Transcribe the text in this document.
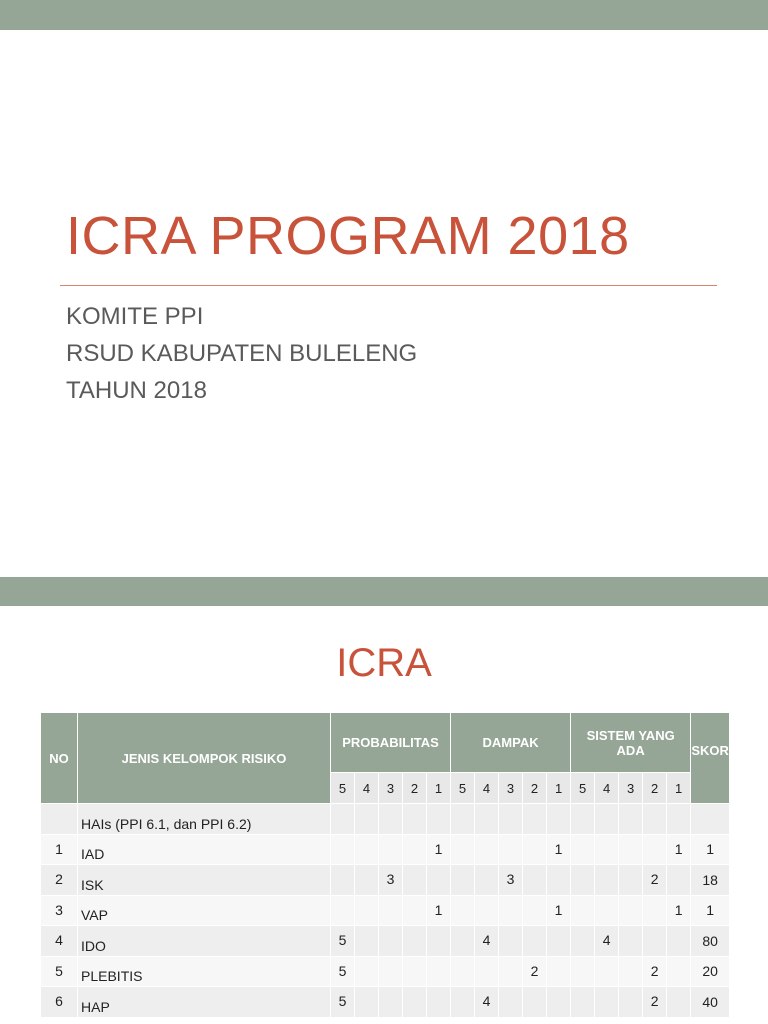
ICRA PROGRAM 2018
KOMITE PPI
RSUD KABUPATEN BULELENG
TAHUN 2018
ICRA
NO	JENIS KELOMPOK RISIKO	PROBABILITAS					DAMPAK					SISTEM YANG ADA					SKOR
		5	4	3	2	1	5	4	3	2	1	5	4	3	2	1	
	HAIs (PPI 6.1, dan PPI 6.2)																
1	IAD					1					1					1	1
2	ISK			3					3						2		18
3	VAP					1					1					1	1
4	IDO	5						4					4				80
5	PLEBITIS	5								2					2		20
6	HAP	5						4							2		40
